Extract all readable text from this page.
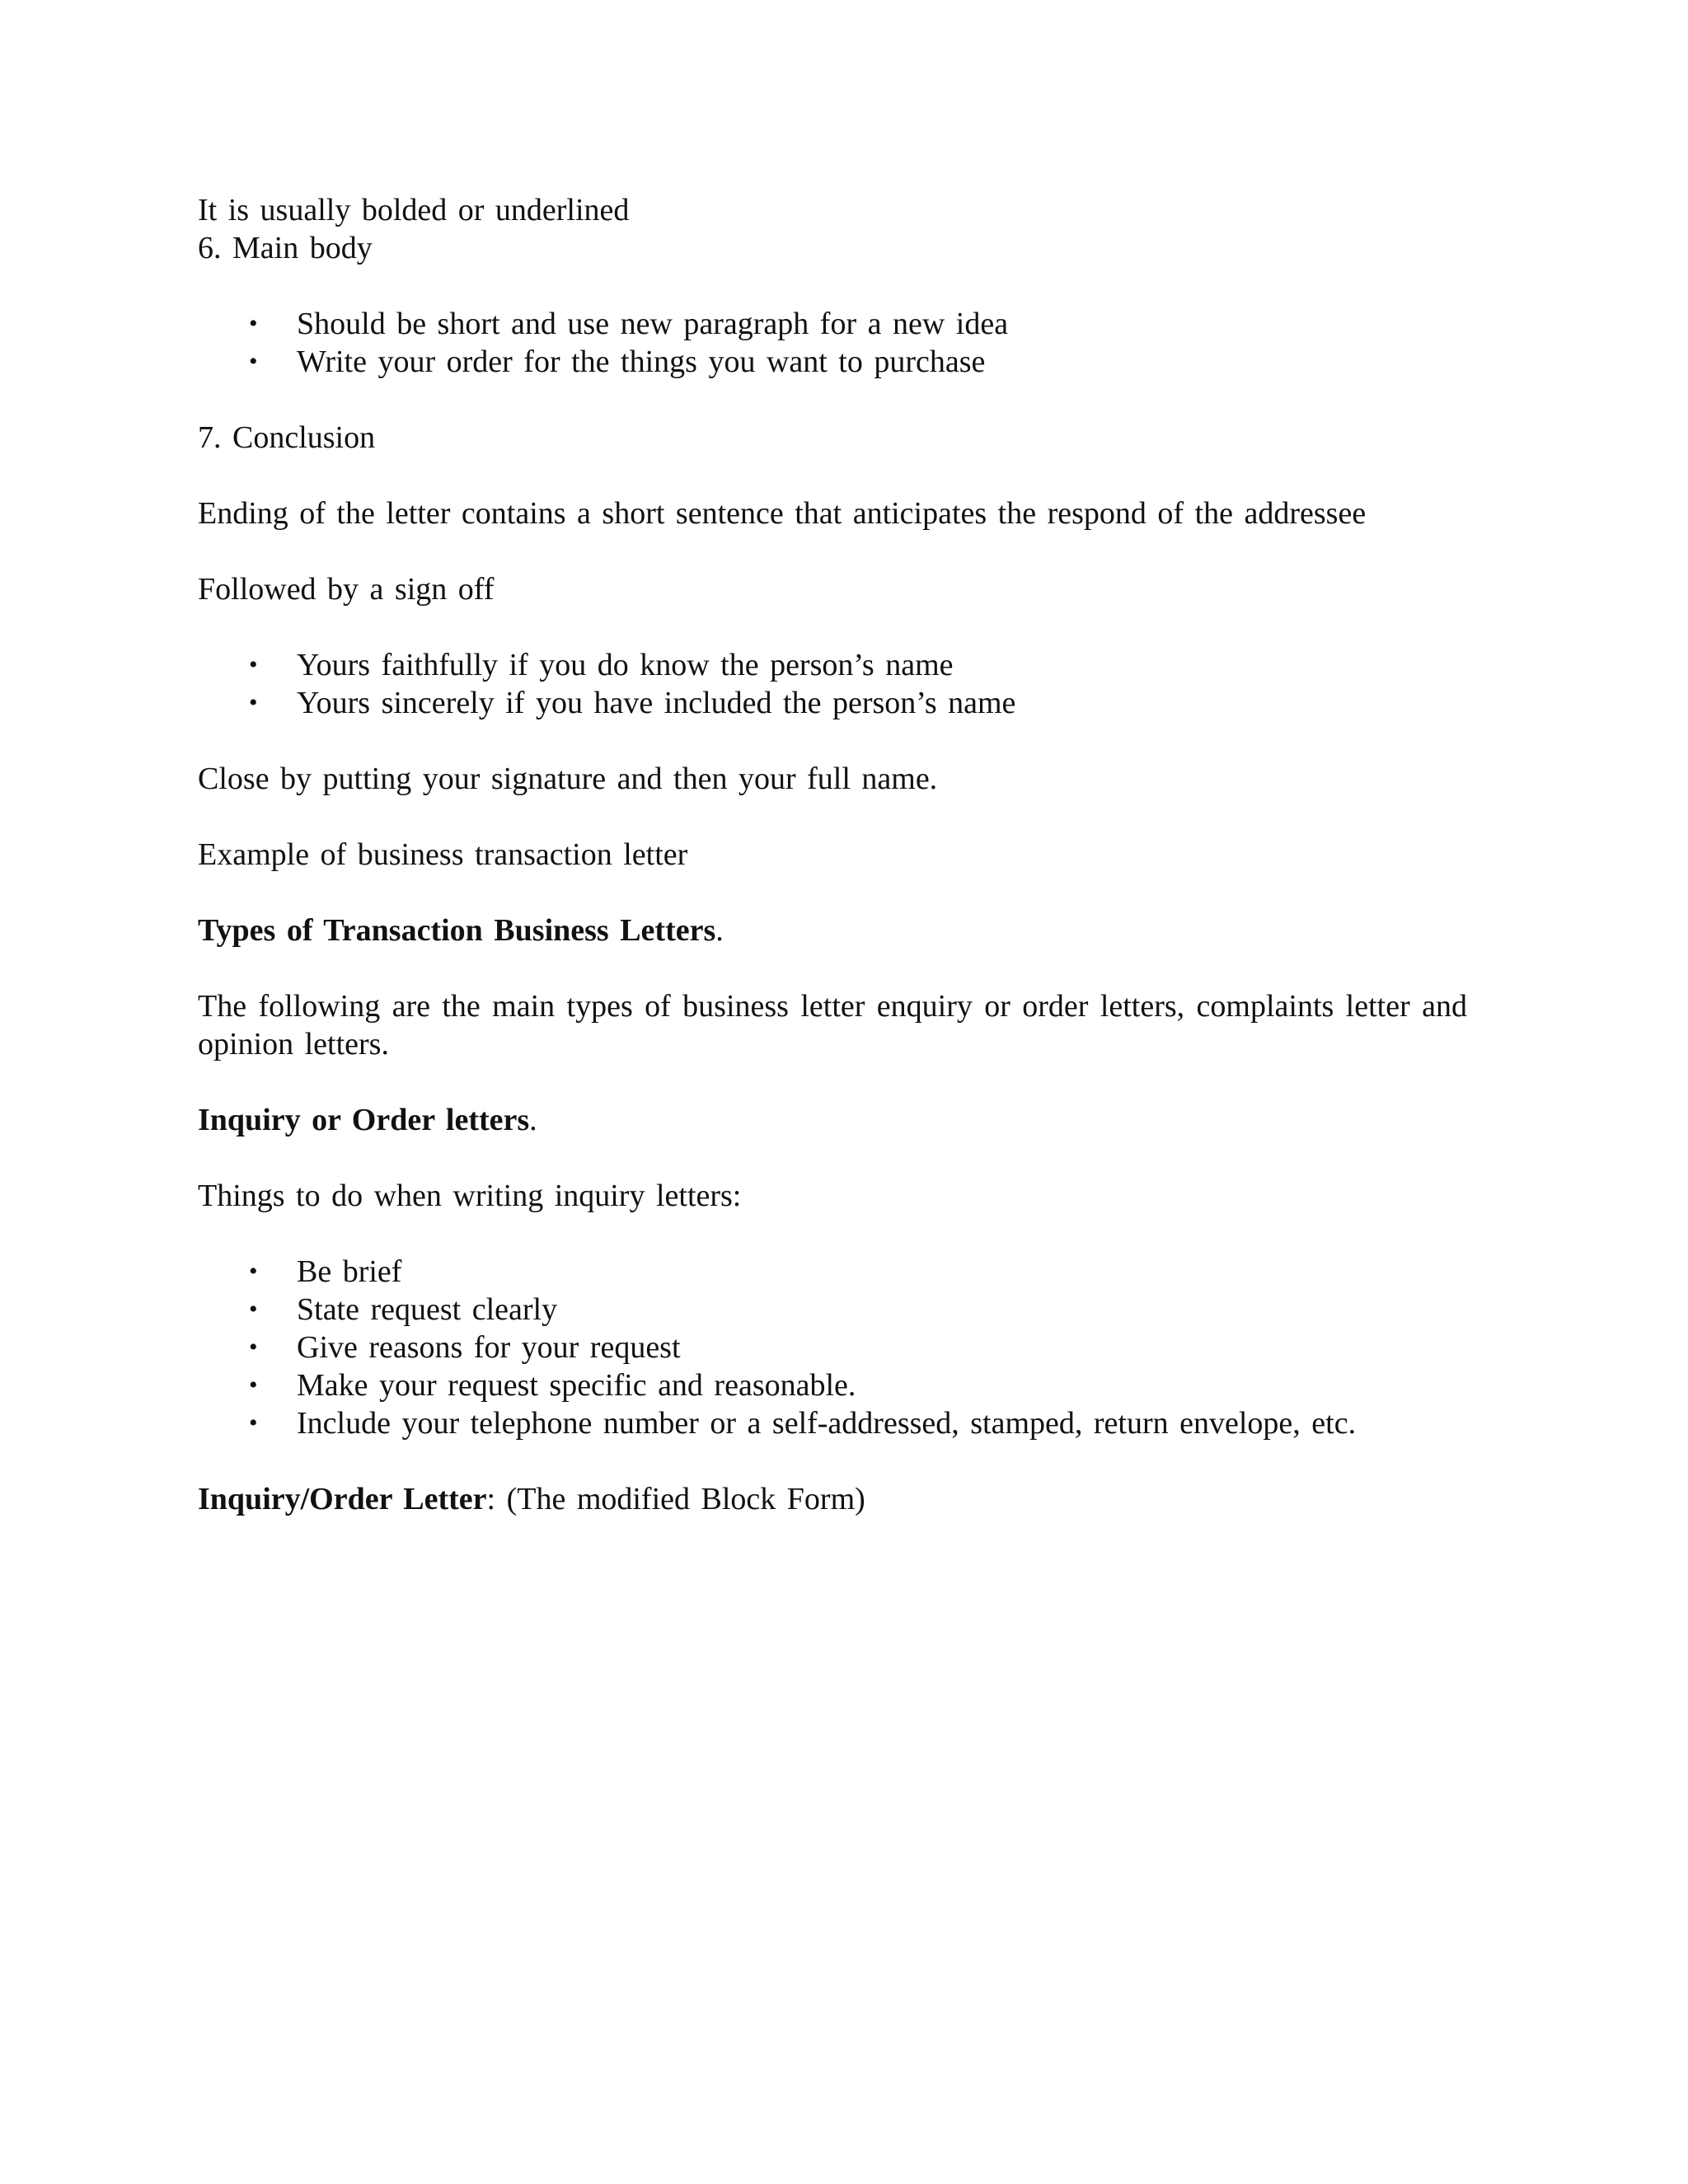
It is usually bolded or underlined
6. Main body
• Should be short and use new paragraph for a new idea
• Write your order for the things you want to purchase
7. Conclusion
Ending of the letter contains a short sentence that anticipates the respond of the addressee
Followed by a sign off
• Yours faithfully if you do know the person’s name
• Yours sincerely if you have included the person’s name
Close by putting your signature and then your full name.
Example of business transaction letter
Types of Transaction Business Letters.
The following are the main types of business letter enquiry or order letters, complaints letter and opinion letters.
Inquiry or Order letters.
Things to do when writing inquiry letters:
• Be brief
• State request clearly
• Give reasons for your request
• Make your request specific and reasonable.
• Include your telephone number or a self-addressed, stamped, return envelope, etc.
Inquiry/Order Letter: (The modified Block Form)
